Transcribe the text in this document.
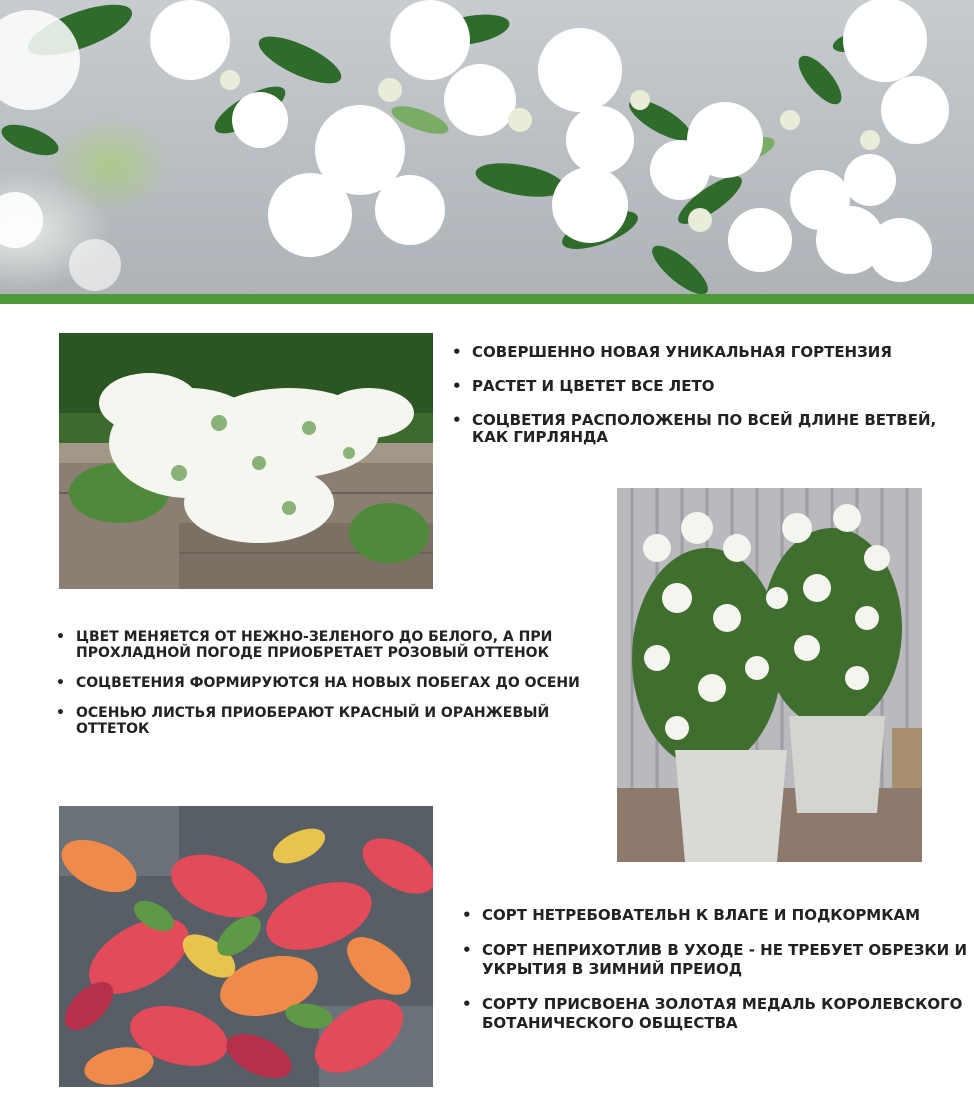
• СОВЕРШЕННО НОВАЯ УНИКАЛЬНАЯ ГОРТЕНЗИЯ
• РАСТЕТ И ЦВЕТЕТ ВСЕ ЛЕТО
• СОЦВЕТИЯ РАСПОЛОЖЕНЫ ПО ВСЕЙ ДЛИНЕ ВЕТВЕЙ, КАК ГИРЛЯНДА
• ЦВЕТ МЕНЯЕТСЯ ОТ НЕЖНО-ЗЕЛЕНОГО ДО БЕЛОГО, А ПРИ ПРОХЛАДНОЙ ПОГОДЕ ПРИОБРЕТАЕТ РОЗОВЫЙ ОТТЕНОК
• СОЦВЕТЕНИЯ ФОРМИРУЮТСЯ НА НОВЫХ ПОБЕГАХ ДО ОСЕНИ
• ОСЕНЬЮ ЛИСТЬЯ ПРИОБЕРАЮТ КРАСНЫЙ И ОРАНЖЕВЫЙ ОТТЕТОК
• СОРТ НЕТРЕБОВАТЕЛЬН К ВЛАГЕ И ПОДКОРМКАМ
• СОРТ НЕПРИХОТЛИВ В УХОДЕ - НЕ ТРЕБУЕТ ОБРЕЗКИ И УКРЫТИЯ В ЗИМНИЙ ПРЕИОД
• СОРТУ ПРИСВОЕНА ЗОЛОТАЯ МЕДАЛЬ КОРОЛЕВСКОГО БОТАНИЧЕСКОГО ОБЩЕСТВА
